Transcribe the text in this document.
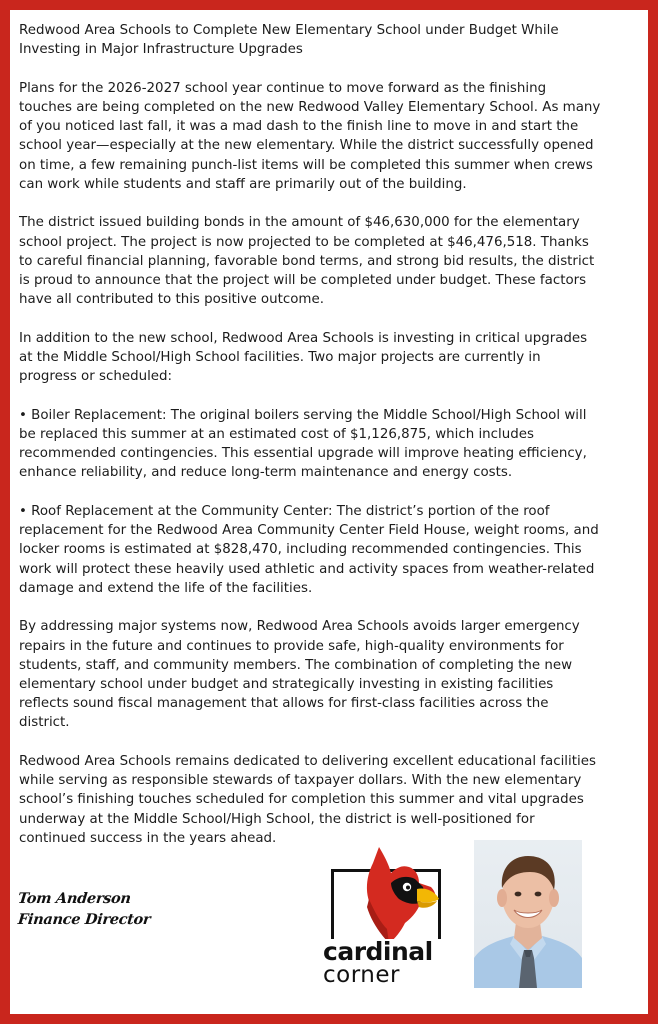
Redwood Area Schools to Complete New Elementary School under Budget While Investing in Major Infrastructure Upgrades

Plans for the 2026-2027 school year continue to move forward as the finishing touches are being completed on the new Redwood Valley Elementary School. As many of you noticed last fall, it was a mad dash to the finish line to move in and start the school year—especially at the new elementary. While the district successfully opened on time, a few remaining punch-list items will be completed this summer when crews can work while students and staff are primarily out of the building.

The district issued building bonds in the amount of $46,630,000 for the elementary school project. The project is now projected to be completed at $46,476,518. Thanks to careful financial planning, favorable bond terms, and strong bid results, the district is proud to announce that the project will be completed under budget. These factors have all contributed to this positive outcome.

In addition to the new school, Redwood Area Schools is investing in critical upgrades at the Middle School/High School facilities. Two major projects are currently in progress or scheduled:

• Boiler Replacement: The original boilers serving the Middle School/High School will be replaced this summer at an estimated cost of $1,126,875, which includes recommended contingencies. This essential upgrade will improve heating efficiency, enhance reliability, and reduce long-term maintenance and energy costs.

• Roof Replacement at the Community Center: The district’s portion of the roof replacement for the Redwood Area Community Center Field House, weight rooms, and locker rooms is estimated at $828,470, including recommended contingencies. This work will protect these heavily used athletic and activity spaces from weather-related damage and extend the life of the facilities.

By addressing major systems now, Redwood Area Schools avoids larger emergency repairs in the future and continues to provide safe, high-quality environments for students, staff, and community members. The combination of completing the new elementary school under budget and strategically investing in existing facilities reflects sound fiscal management that allows for first-class facilities across the district.

Redwood Area Schools remains dedicated to delivering excellent educational facilities while serving as responsible stewards of taxpayer dollars. With the new elementary school’s finishing touches scheduled for completion this summer and vital upgrades underway at the Middle School/High School, the district is well-positioned for continued success in the years ahead.

Tom Anderson
Finance Director
cardinal
corner
